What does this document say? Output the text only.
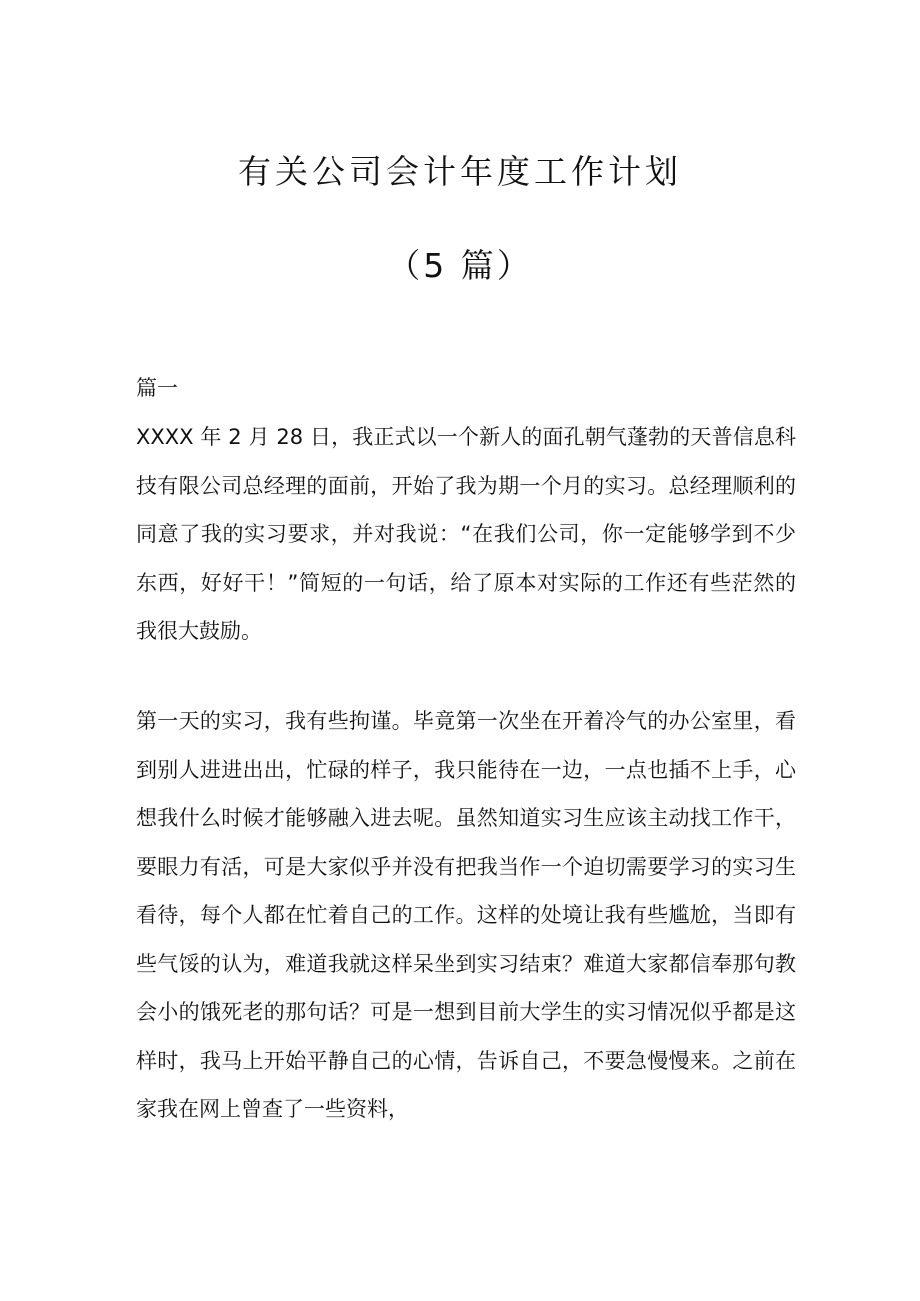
有关公司会计年度工作计划
（5 篇）
篇一

XXXX 年 2 月 28 日，我正式以一个新人的面孔朝气蓬勃的天普信息科技有限公司总经理的面前，开始了我为期一个月的实习。总经理顺利的同意了我的实习要求，并对我说：“在我们公司，你一定能够学到不少东西，好好干！”简短的一句话，给了原本对实际的工作还有些茫然的我很大鼓励。

第一天的实习，我有些拘谨。毕竟第一次坐在开着冷气的办公室里，看到别人进进出出，忙碌的样子，我只能待在一边，一点也插不上手，心想我什么时候才能够融入进去呢。虽然知道实习生应该主动找工作干，要眼力有活，可是大家似乎并没有把我当作一个迫切需要学习的实习生看待，每个人都在忙着自己的工作。这样的处境让我有些尴尬，当即有些气馁的认为，难道我就这样呆坐到实习结束？难道大家都信奉那句教会小的饿死老的那句话？可是一想到目前大学生的实习情况似乎都是这样时，我马上开始平静自己的心情，告诉自己，不要急慢慢来。之前在家我在网上曾查了一些资料，
